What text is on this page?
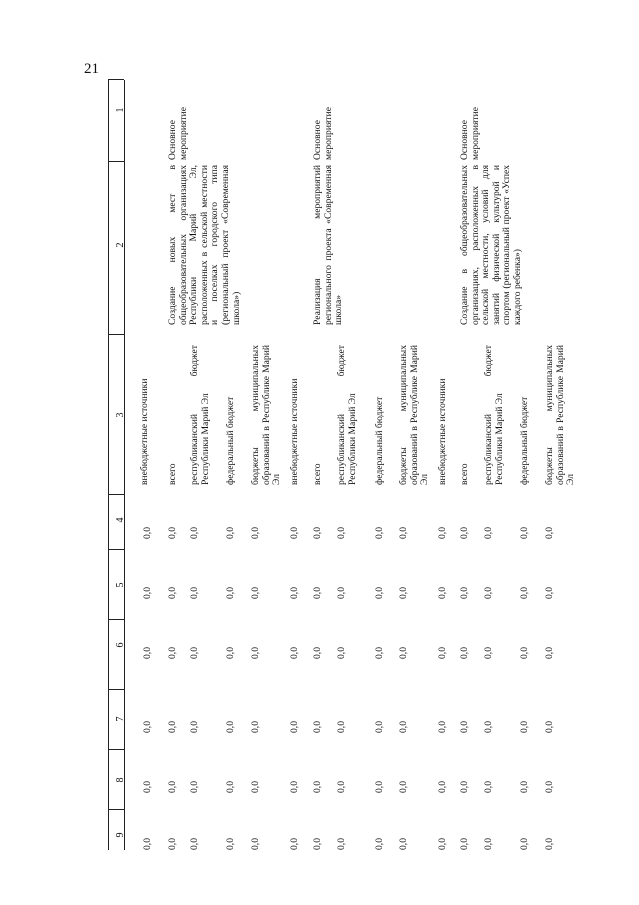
21
1
2
3
4
5
6
7
8
9
внебюджетные источники всего
Основное мероприятие
Создание новых мест в общеобразовательных организациях Республики Марий Эл, расположенных в сельской местности и поселках городского типа (региональный проект «Современная школа»)
республиканский бюджет Республики Марий Эл федеральный бюджет бюджеты муниципальных образований в Республике Марий Эл внебюджетные источники
Основное мероприятие
Реализация мероприятий регионального проекта «Современная школа»
всего республиканский бюджет Республики Марий Эл федеральный бюджет бюджеты муниципальных образований в Республике Марий Эл внебюджетные источники
Основное мероприятие
Создание в общеобразовательных организациях, расположенных в сельской местности, условий для занятий физической культурой и спортом (региональный проект «Успех каждого ребенка»)
всего республиканский бюджет Республики Марий Эл федеральный бюджет бюджеты муниципальных образований в Республике Марий Эл
0,0
0,0
0,0
0,0
0,0
0,0
0,0
0,0
0,0
0,0
0,0
0,0
0,0
0,0
0,0
0,0
0,0
0,0
0,0
0,0
0,0
0,0
0,0
0,0
0,0
0,0
0,0
0,0
0,0
0,0
0,0
0,0
0,0
0,0
0,0
0,0
0,0
0,0
0,0
0,0
0,0
0,0
0,0
0,0
0,0
0,0
0,0
0,0
0,0
0,0
0,0
0,0
0,0
0,0
0,0
0,0
0,0
0,0
0,0
0,0
0,0
0,0
0,0
0,0
0,0
0,0
0,0
0,0
0,0
0,0
0,0
0,0
0,0
0,0
0,0
0,0
0,0
0,0
0,0
0,0
0,0
0,0
0,0
0,0
0,0
0,0
0,0
0,0
0,0
0,0
